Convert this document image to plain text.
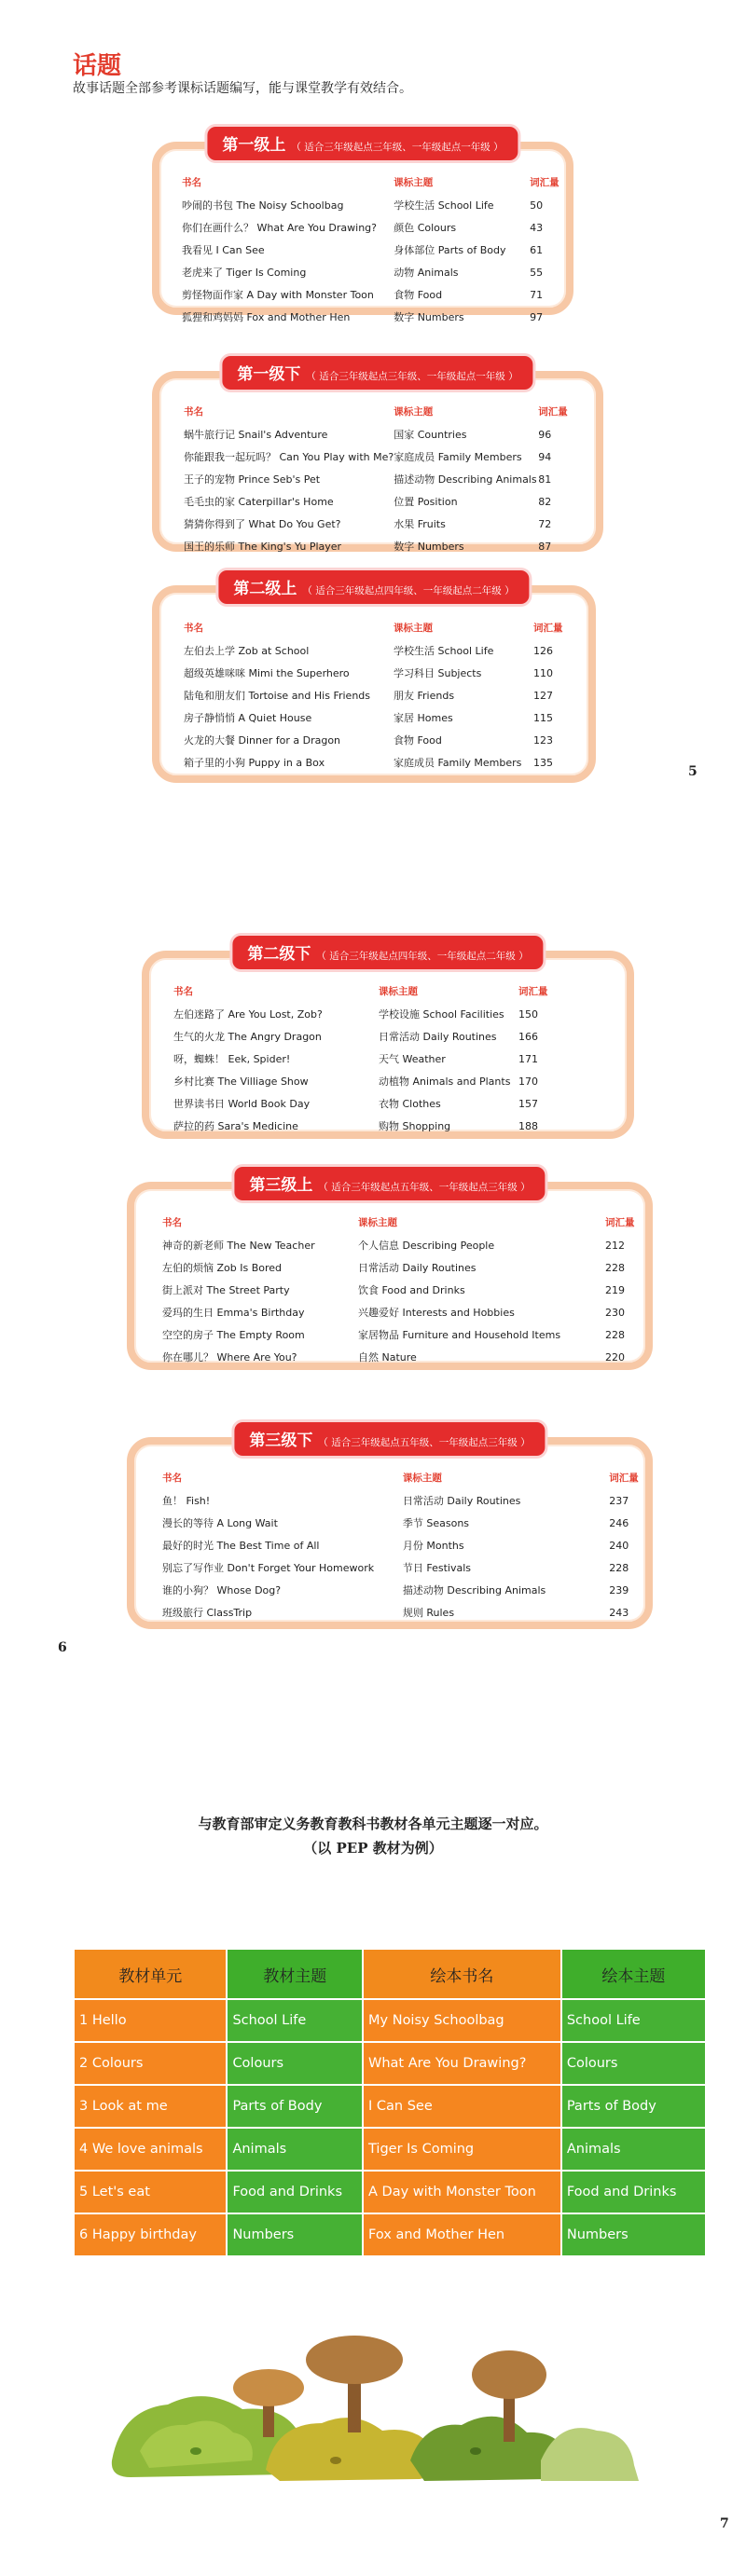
话题
故事话题全部参考课标话题编写，能与课堂教学有效结合。
第一级上 （ 适合三年级起点三年级、一年级起点一年级 ）
书名	课标主题	词汇量
吵闹的书包 The Noisy Schoolbag	学校生活 School Life	50
你们在画什么？ What Are You Drawing?	颜色 Colours	43
我看见 I Can See	身体部位 Parts of Body	61
老虎来了 Tiger Is Coming	动物 Animals	55
剪怪物面作家 A Day with Monster Toon	食物 Food	71
狐狸和鸡妈妈 Fox and Mother Hen	数字 Numbers	97
第一级下 （ 适合三年级起点三年级、一年级起点一年级 ）
书名	课标主题	词汇量
蜗牛旅行记 Snail's Adventure	国家 Countries	96
你能跟我一起玩吗？ Can You Play with Me?	家庭成员 Family Members	94
王子的宠物 Prince Seb's Pet	描述动物 Describing Animals	81
毛毛虫的家 Caterpillar's Home	位置 Position	82
猜猜你得到了 What Do You Get?	水果 Fruits	72
国王的乐师 The King's Yu Player	数字 Numbers	87
第二级上 （ 适合三年级起点四年级、一年级起点二年级 ）
书名	课标主题	词汇量
左伯去上学 Zob at School	学校生活 School Life	126
超级英雄咪咪 Mimi the Superhero	学习科目 Subjects	110
陆龟和朋友们 Tortoise and His Friends	朋友 Friends	127
房子静悄悄 A Quiet House	家居 Homes	115
火龙的大餐 Dinner for a Dragon	食物 Food	123
箱子里的小狗 Puppy in a Box	家庭成员 Family Members	135
5
第二级下 （ 适合三年级起点四年级、一年级起点二年级 ）
书名	课标主题	词汇量
左伯迷路了 Are You Lost, Zob?	学校设施 School Facilities	150
生气的火龙 The Angry Dragon	日常活动 Daily Routines	166
呀，蜘蛛！ Eek, Spider!	天气 Weather	171
乡村比赛 The Villiage Show	动植物 Animals and Plants	170
世界读书日 World Book Day	衣物 Clothes	157
萨拉的药 Sara's Medicine	购物 Shopping	188
第三级上 （ 适合三年级起点五年级、一年级起点三年级 ）
书名	课标主题	词汇量
神奇的新老师 The New Teacher	个人信息 Describing People	212
左伯的烦恼 Zob Is Bored	日常活动 Daily Routines	228
街上派对 The Street Party	饮食 Food and Drinks	219
爱玛的生日 Emma's Birthday	兴趣爱好 Interests and Hobbies	230
空空的房子 The Empty Room	家居物品 Furniture and Household Items	228
你在哪儿？ Where Are You?	自然 Nature	220
第三级下 （ 适合三年级起点五年级、一年级起点三年级 ）
书名	课标主题	词汇量
鱼！ Fish!	日常活动 Daily Routines	237
漫长的等待 A Long Wait	季节 Seasons	246
最好的时光 The Best Time of All	月份 Months	240
别忘了写作业 Don't Forget Your Homework	节日 Festivals	228
谁的小狗？ Whose Dog?	描述动物 Describing Animals	239
班级旅行 ClassTrip	规则 Rules	243
6
与教育部审定义务教育教科书教材各单元主题逐一对应。
（以 PEP 教材为例）
教材单元	教材主题	绘本书名	绘本主题
1 Hello	School Life	My Noisy Schoolbag	School Life
2 Colours	Colours	What Are You Drawing?	Colours
3 Look at me	Parts of Body	I Can See	Parts of Body
4 We love animals	Animals	Tiger Is Coming	Animals
5 Let's eat	Food and Drinks	A Day with Monster Toon	Food and Drinks
6 Happy birthday	Numbers	Fox and Mother Hen	Numbers
7
